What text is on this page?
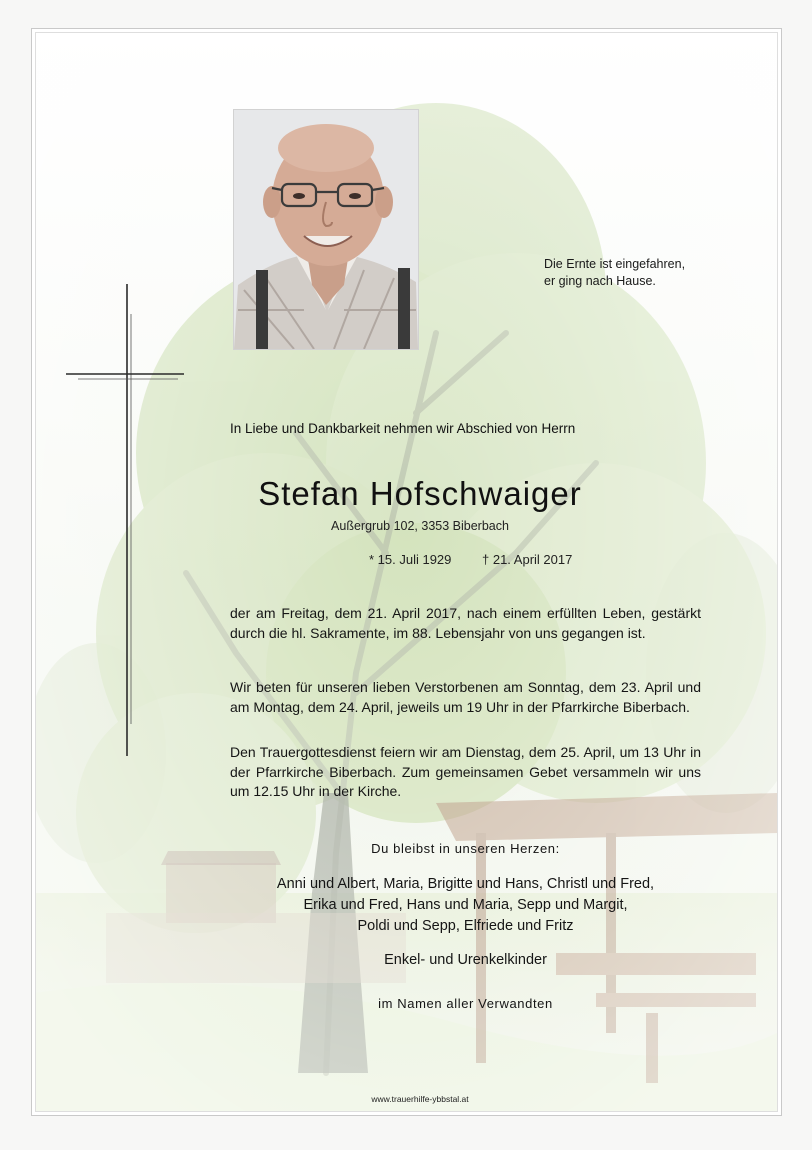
Die Ernte ist eingefahren,
er ging nach Hause.
In Liebe und Dankbarkeit nehmen wir Abschied von Herrn
Stefan Hofschwaiger
Außergrub 102, 3353 Biberbach
* 15. Juli 1929 † 21. April 2017
der am Freitag, dem 21. April 2017, nach einem erfüllten Leben, gestärkt durch die hl. Sakramente, im 88. Lebensjahr von uns gegangen ist.
Wir beten für unseren lieben Verstorbenen am Sonntag, dem 23. April und am Montag, dem 24. April, jeweils um 19 Uhr in der Pfarrkirche Biberbach.
Den Trauergottesdienst feiern wir am Dienstag, dem 25. April, um 13 Uhr in der Pfarrkirche Biberbach. Zum gemeinsamen Gebet versammeln wir uns um 12.15 Uhr in der Kirche.
Du bleibst in unseren Herzen:
Anni und Albert, Maria, Brigitte und Hans, Christl und Fred,
Erika und Fred, Hans und Maria, Sepp und Margit,
Poldi und Sepp, Elfriede und Fritz
Enkel- und Urenkelkinder
im Namen aller Verwandten
www.trauerhilfe-ybbstal.at
